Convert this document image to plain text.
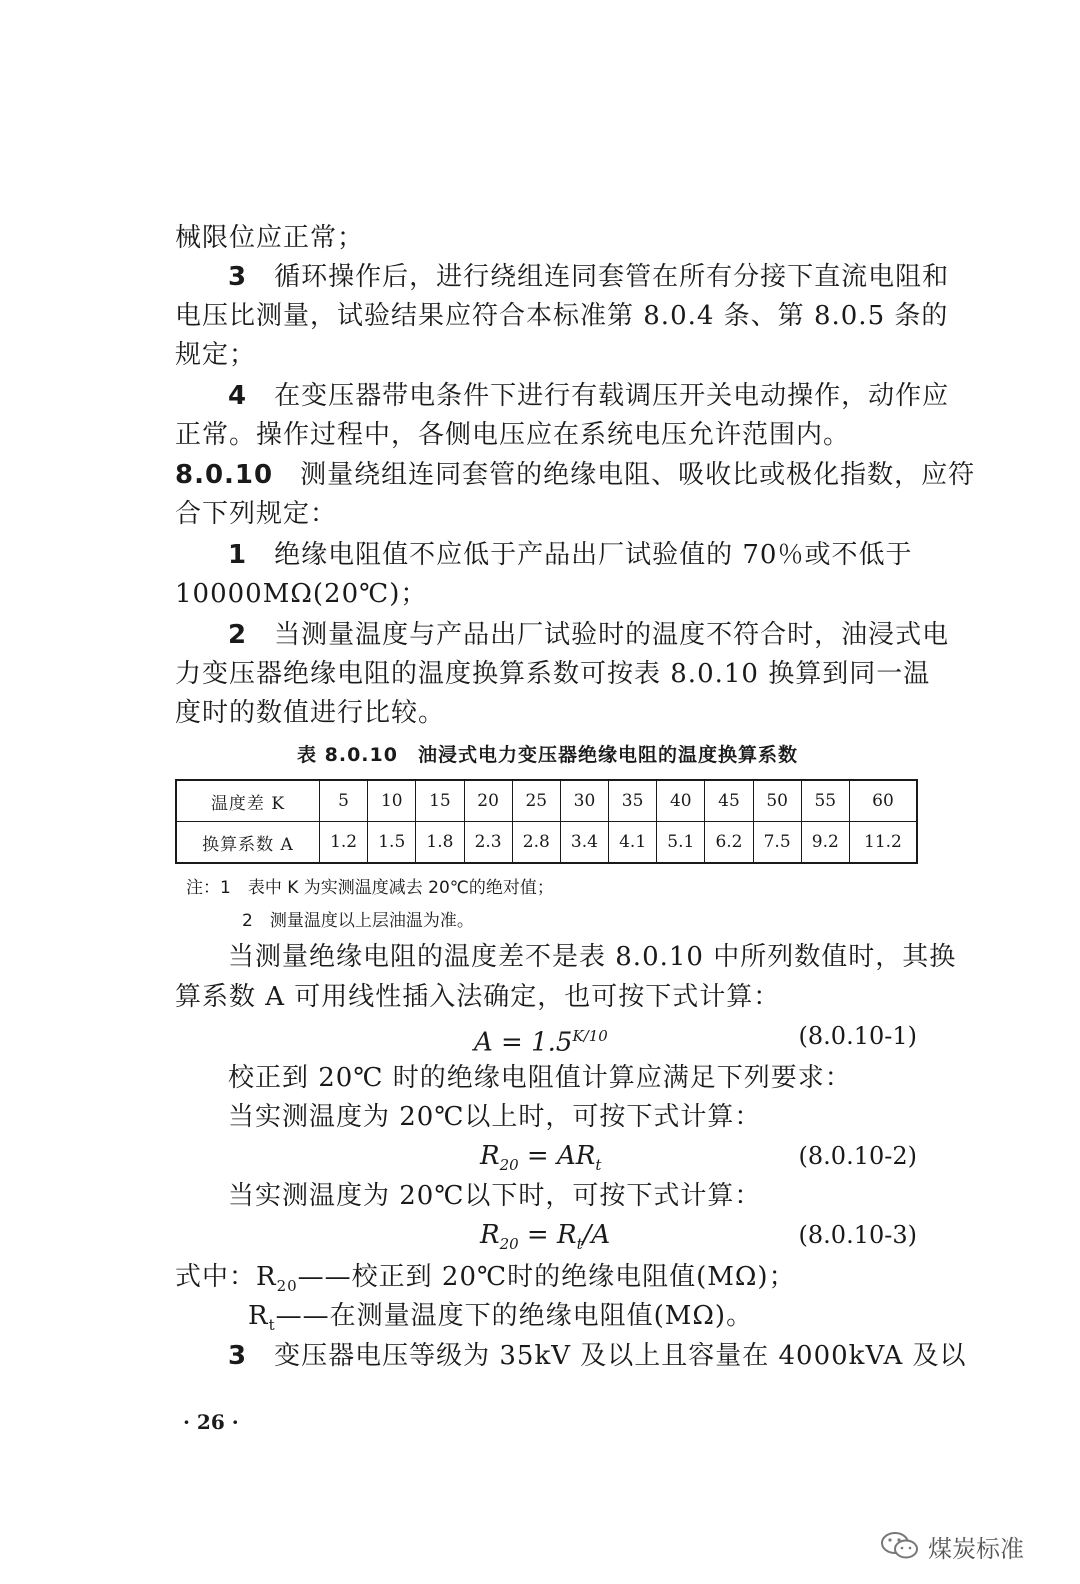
械限位应正常；
3　 循环操作后，进行绕组连同套管在所有分接下直流电阻和
电压比测量，试验结果应符合本标准第 8.0.4 条、第 8.0.5 条的
规定；
4　 在变压器带电条件下进行有载调压开关电动操作，动作应
正常。操作过程中，各侧电压应在系统电压允许范围内。
8.0.10　 测量绕组连同套管的绝缘电阻、吸收比或极化指数，应符
合下列规定：
1　 绝缘电阻值不应低于产品出厂试验值的 70％或不低于
10000MΩ(20℃)；
2　 当测量温度与产品出厂试验时的温度不符合时，油浸式电
力变压器绝缘电阻的温度换算系数可按表 8.0.10 换算到同一温
度时的数值进行比较。
表 8.0.10　油浸式电力变压器绝缘电阻的温度换算系数
温度差 K	5	10	15	20	25	30	35	40	45	50	55	60
换算系数 A	1.2	1.5	1.8	2.3	2.8	3.4	4.1	5.1	6.2	7.5	9.2	11.2
注：1　表中 K 为实测温度减去 20℃的绝对值；
2　测量温度以上层油温为准。
当测量绝缘电阻的温度差不是表 8.0.10 中所列数值时，其换
算系数 A 可用线性插入法确定，也可按下式计算：
$A = 1.5^{K/10}$	(8.0.10-1)
校正到 20℃ 时的绝缘电阻值计算应满足下列要求：
当实测温度为 20℃以上时，可按下式计算：
$R_{20} = AR_t$	(8.0.10-2)
当实测温度为 20℃以下时，可按下式计算：
$R_{20} = R_t/A$	(8.0.10-3)
式中：$R_{20}——$校正到 20℃时的绝缘电阻值(MΩ)；
$R_t——$在测量温度下的绝缘电阻值(MΩ)。
3　 变压器电压等级为 35kV 及以上且容量在 4000kVA 及以
· 26 ·
煤炭标准
